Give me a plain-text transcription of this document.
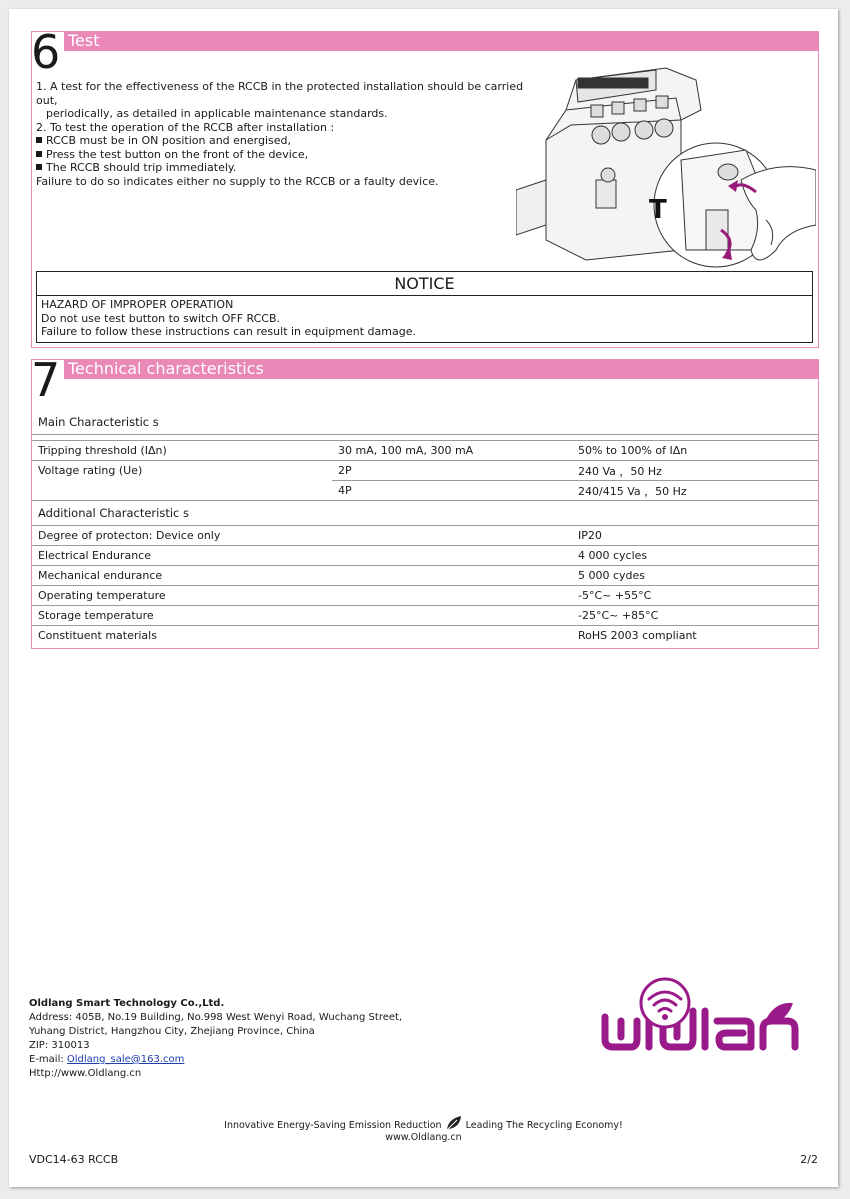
Test
6

1. A test for the effectiveness of the RCCB in the protected installation should be carried out,

periodically, as detailed in applicable maintenance standards.

2. To test the operation of the RCCB after installation :

RCCB must be in ON position and energised,

Press the test button on the front of the device,

The RCCB should trip immediately.

Failure to do so indicates either no supply to the RCCB or a faulty device.

T
NOTICE

HAZARD OF IMPROPER OPERATION

Do not use test button to switch OFF RCCB.

Failure to follow these instructions can result in equipment damage.

Technical characteristics
7
Main Characteristic s		

Tripping threshold (IΔn)	30 mA, 100 mA, 300 mA	50% to 100% of IΔn
Voltage rating (Ue)	2P	240 Va ，50 Hz
	4P	240/415 Va ，50 Hz
Additional Characteristic s		
Degree of protecton: Device only		IP20
Electrical Endurance		4 000 cycles
Mechanical endurance		5 000 cydes
Operating temperature		-5°C~ +55°C
Storage temperature		-25°C~ +85°C
Constituent materials		RoHS 2003 compliant

Oldlang Smart Technology Co.,Ltd.

Address: 405B, No.19 Building, No.998 West Wenyi Road, Wuchang Street,

Yuhang District, Hangzhou City, Zhejiang Province, China

ZIP: 310013

E-mail: Oldlang_sale@163.com

Http://www.Oldlang.cn

Innovative Energy-Saving Emission Reduction	Leading The Recycling Economy!
www.Oldlang.cn
VDC14-63 RCCB	2/2
